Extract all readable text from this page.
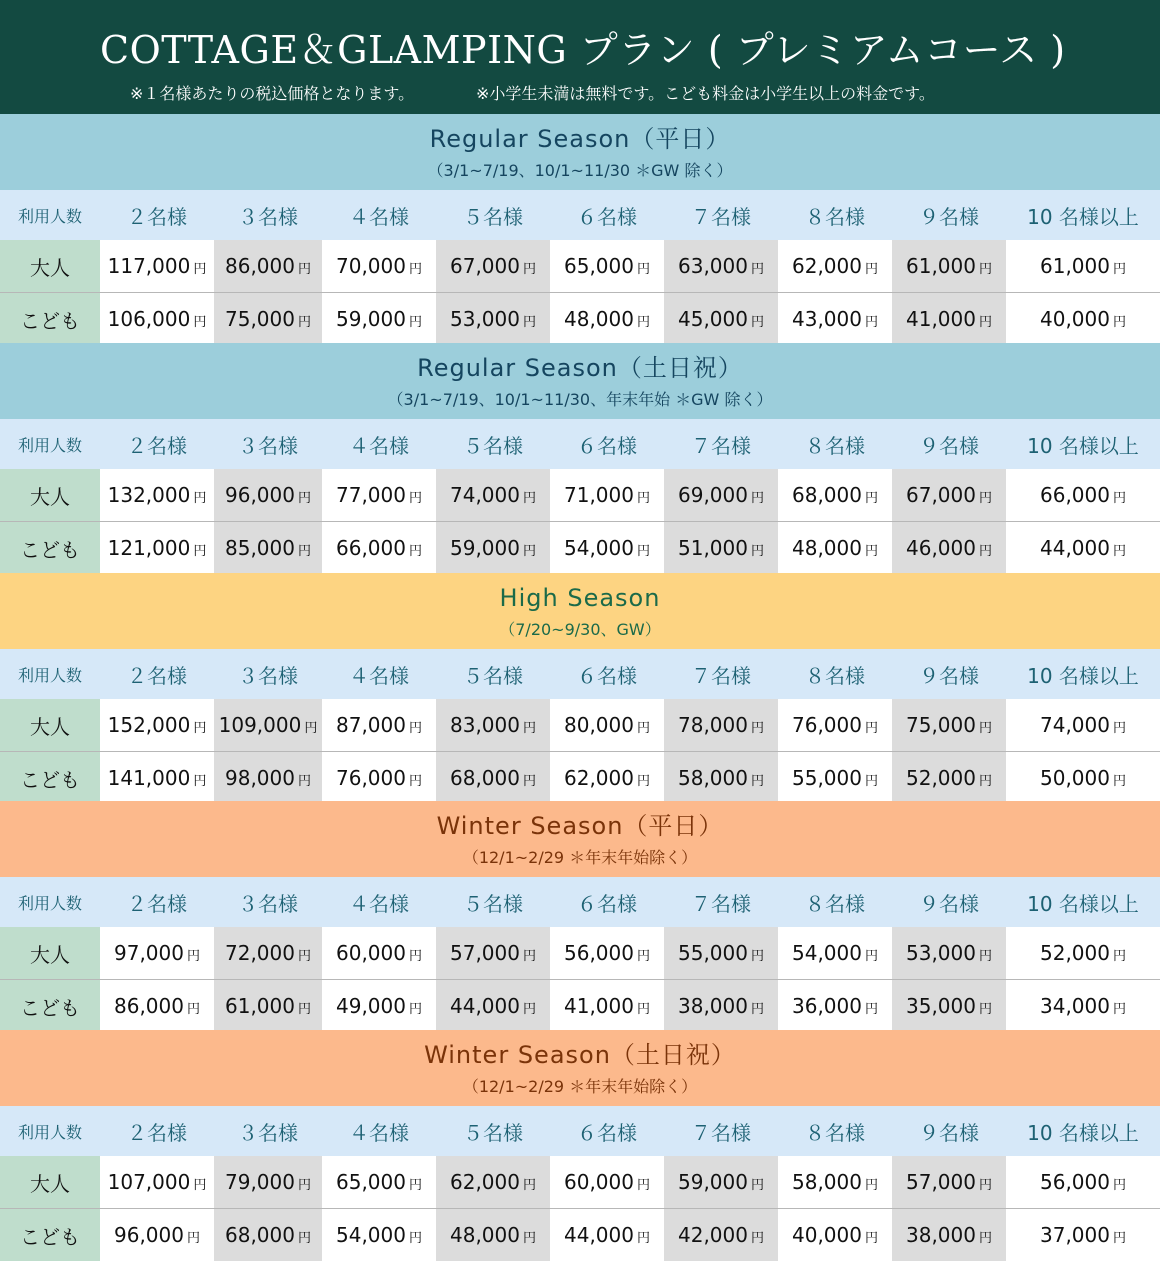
COTTAGE＆GLAMPING プラン ( プレミアムコース )
※１名様あたりの税込価格となります。	※小学生未満は無料です。こども料金は小学生以上の料金です。
Regular Season（平日）
（3/1~7/19、10/1~11/30 ＊GW 除く）
利用人数	２名様	３名様	４名様	５名様	６名様	７名様	８名様	９名様	10 名様以上
大人	117,000 円	86,000 円	70,000 円	67,000 円	65,000 円	63,000 円	62,000 円	61,000 円	61,000 円
こども	106,000 円	75,000 円	59,000 円	53,000 円	48,000 円	45,000 円	43,000 円	41,000 円	40,000 円
Regular Season（土日祝）
（3/1~7/19、10/1~11/30、年末年始 ＊GW 除く）
利用人数	２名様	３名様	４名様	５名様	６名様	７名様	８名様	９名様	10 名様以上
大人	132,000 円	96,000 円	77,000 円	74,000 円	71,000 円	69,000 円	68,000 円	67,000 円	66,000 円
こども	121,000 円	85,000 円	66,000 円	59,000 円	54,000 円	51,000 円	48,000 円	46,000 円	44,000 円
High Season
（7/20~9/30、GW）
利用人数	２名様	３名様	４名様	５名様	６名様	７名様	８名様	９名様	10 名様以上
大人	152,000 円	109,000 円	87,000 円	83,000 円	80,000 円	78,000 円	76,000 円	75,000 円	74,000 円
こども	141,000 円	98,000 円	76,000 円	68,000 円	62,000 円	58,000 円	55,000 円	52,000 円	50,000 円
Winter Season（平日）
（12/1~2/29 ＊年末年始除く）
利用人数	２名様	３名様	４名様	５名様	６名様	７名様	８名様	９名様	10 名様以上
大人	97,000 円	72,000 円	60,000 円	57,000 円	56,000 円	55,000 円	54,000 円	53,000 円	52,000 円
こども	86,000 円	61,000 円	49,000 円	44,000 円	41,000 円	38,000 円	36,000 円	35,000 円	34,000 円
Winter Season（土日祝）
（12/1~2/29 ＊年末年始除く）
利用人数	２名様	３名様	４名様	５名様	６名様	７名様	８名様	９名様	10 名様以上
大人	107,000 円	79,000 円	65,000 円	62,000 円	60,000 円	59,000 円	58,000 円	57,000 円	56,000 円
こども	96,000 円	68,000 円	54,000 円	48,000 円	44,000 円	42,000 円	40,000 円	38,000 円	37,000 円
